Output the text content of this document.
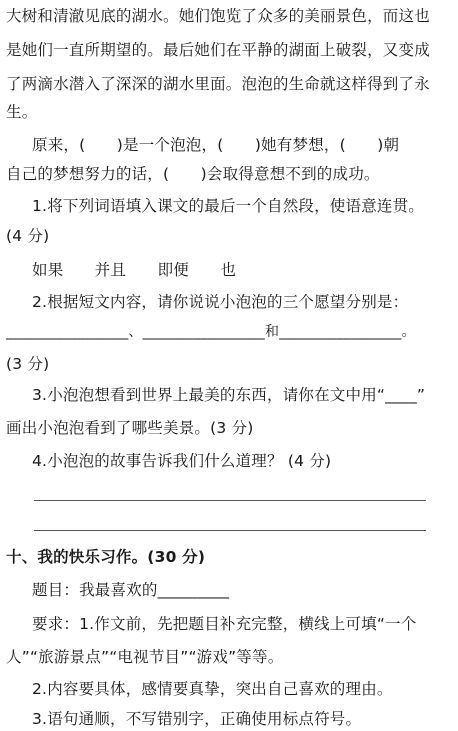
大树和清澈见底的湖水。她们饱览了众多的美丽景色，而这也
是她们一直所期望的。最后她们在平静的湖面上破裂，又变成
了两滴水潜入了深深的湖水里面。泡泡的生命就这样得到了永
生。
原来，(　　)是一个泡泡，(　　)她有梦想，(　　)朝
自己的梦想努力的话，(　　)会取得意想不到的成功。
1.将下列词语填入课文的最后一个自然段，使语意连贯。
(4 分)
如果　　并且　　即便　　也
2.根据短文内容，请你说说小泡泡的三个愿望分别是：
_________________、_________________和_________________。
(3 分)
3.小泡泡想看到世界上最美的东西，请你在文中用“____”
画出小泡泡看到了哪些美景。(3 分)
4.小泡泡的故事告诉我们什么道理？ (4 分)
十、我的快乐习作。(30 分)
题目：我最喜欢的_________
要求：1.作文前，先把题目补充完整，横线上可填“一个
人”“旅游景点”“电视节目”“游戏”等等。
2.内容要具体，感情要真挚，突出自己喜欢的理由。
3.语句通顺，不写错别字，正确使用标点符号。
